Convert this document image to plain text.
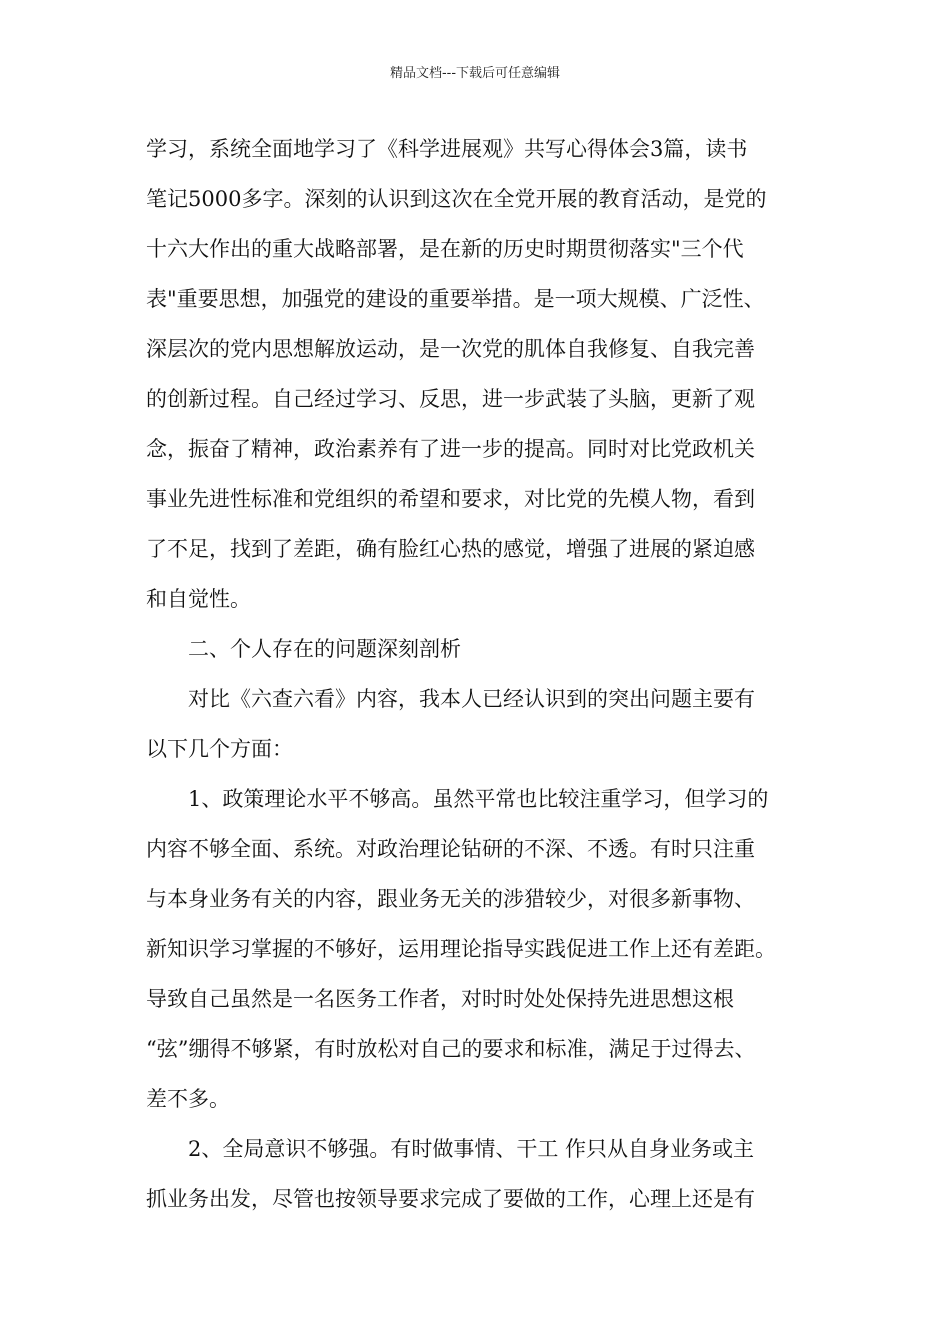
精品文档---下载后可任意编辑
学习，系统全面地学习了《科学进展观》共写心得体会3篇，读书
笔记5000多字。深刻的认识到这次在全党开展的教育活动，是党的
十六大作出的重大战略部署，是在新的历史时期贯彻落实"三个代
表"重要思想，加强党的建设的重要举措。是一项大规模、广泛性、
深层次的党内思想解放运动，是一次党的肌体自我修复、自我完善
的创新过程。自己经过学习、反思，进一步武装了头脑，更新了观
念，振奋了精神，政治素养有了进一步的提高。同时对比党政机关
事业先进性标准和党组织的希望和要求，对比党的先模人物，看到
了不足，找到了差距，确有脸红心热的感觉，增强了进展的紧迫感
和自觉性。
　　二、个人存在的问题深刻剖析
　　对比《六查六看》内容，我本人已经认识到的突出问题主要有
以下几个方面：
　　1、政策理论水平不够高。虽然平常也比较注重学习，但学习的
内容不够全面、系统。对政治理论钻研的不深、不透。有时只注重
与本身业务有关的内容，跟业务无关的涉猎较少，对很多新事物、
新知识学习掌握的不够好，运用理论指导实践促进工作上还有差距。
导致自己虽然是一名医务工作者，对时时处处保持先进思想这根
“弦”绷得不够紧，有时放松对自己的要求和标准，满足于过得去、
差不多。
　　2、全局意识不够强。有时做事情、干工 作只从自身业务或主
抓业务出发，尽管也按领导要求完成了要做的工作，心理上还是有
